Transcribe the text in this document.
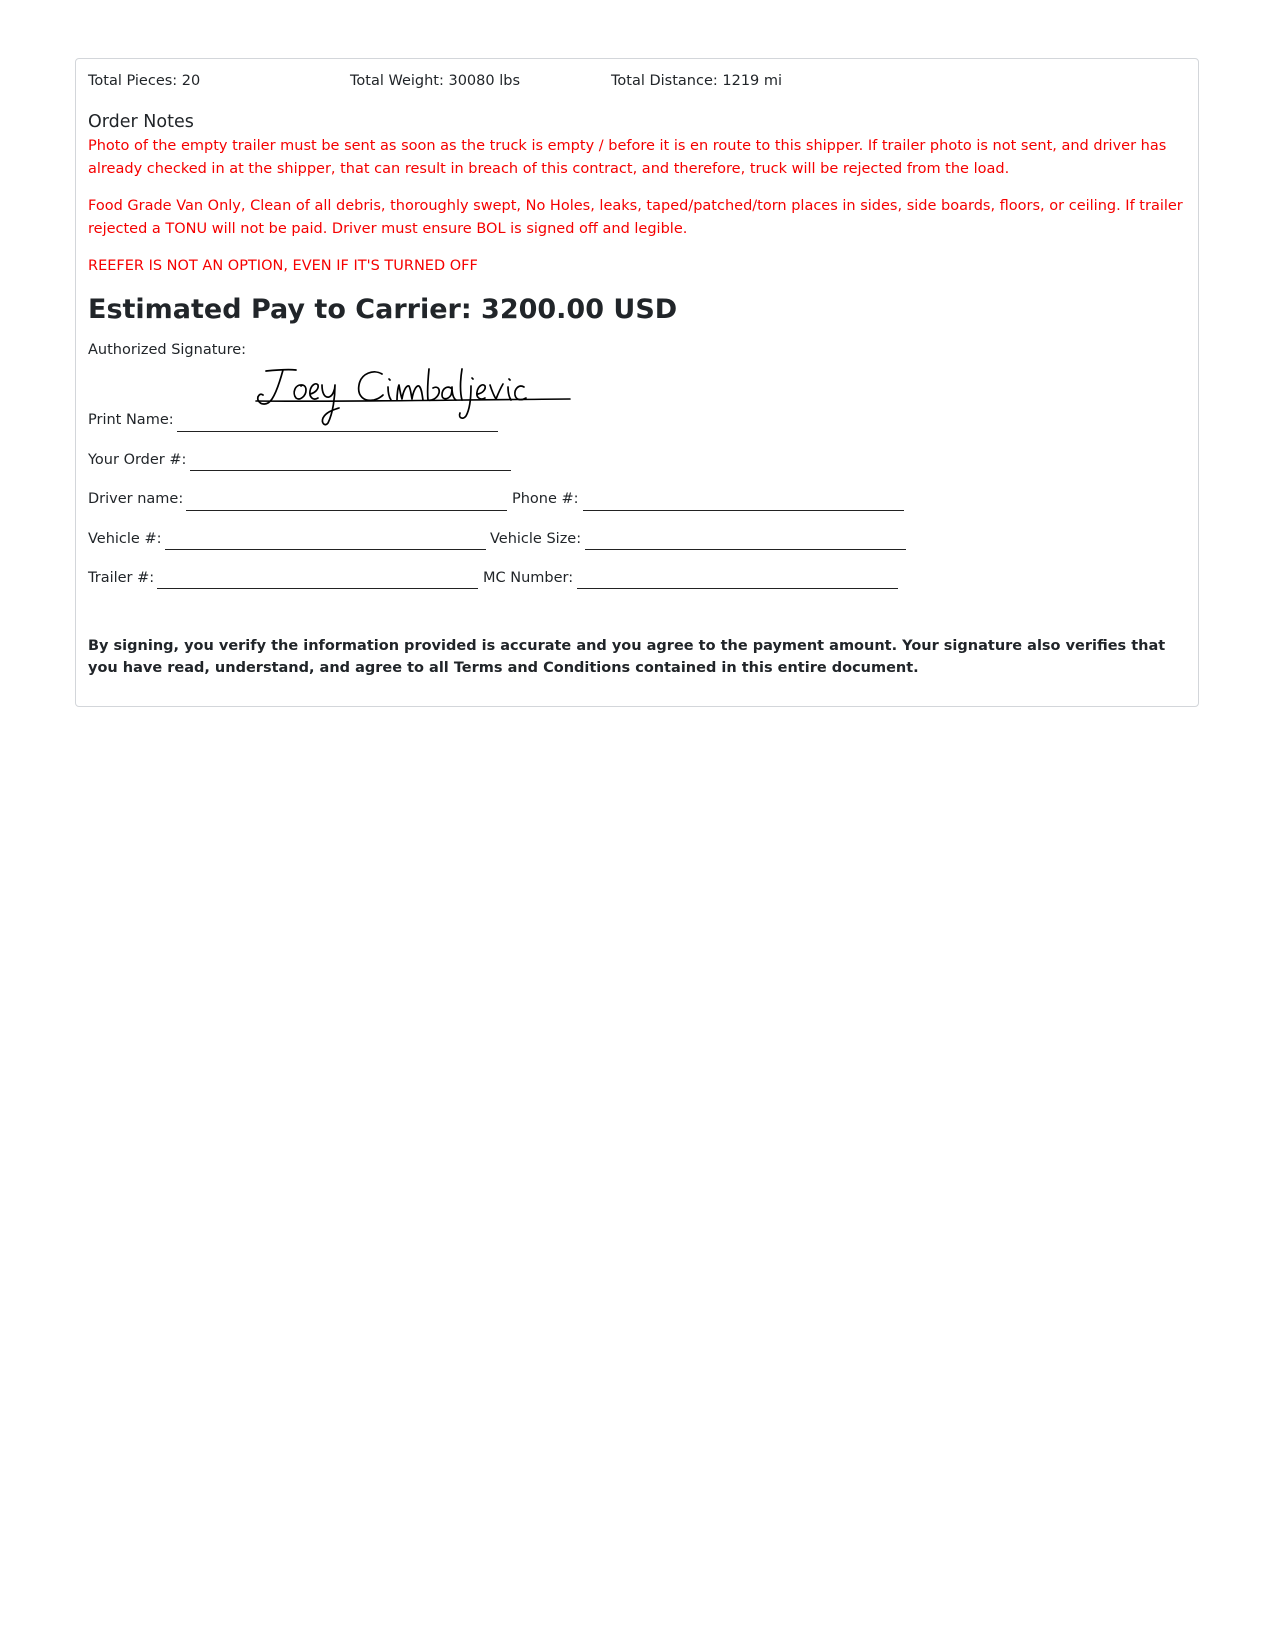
Total Pieces: 20	Total Weight: 30080 lbs	Total Distance: 1219 mi
Order Notes
Photo of the empty trailer must be sent as soon as the truck is empty / before it is en route to this shipper. If trailer photo is not sent, and driver has already checked in at the shipper, that can result in breach of this contract, and therefore, truck will be rejected from the load.
Food Grade Van Only, Clean of all debris, thoroughly swept, No Holes, leaks, taped/patched/torn places in sides, side boards, floors, or ceiling. If trailer rejected a TONU will not be paid. Driver must ensure BOL is signed off and legible.
REEFER IS NOT AN OPTION, EVEN IF IT'S TURNED OFF
Estimated Pay to Carrier: 3200.00 USD
Authorized Signature:
Print Name:
Your Order #:
Driver name:	Phone #:
Vehicle #:	Vehicle Size:
Trailer #:	MC Number:
By signing, you verify the information provided is accurate and you agree to the payment amount. Your signature also verifies that you have read, understand, and agree to all Terms and Conditions contained in this entire document.
